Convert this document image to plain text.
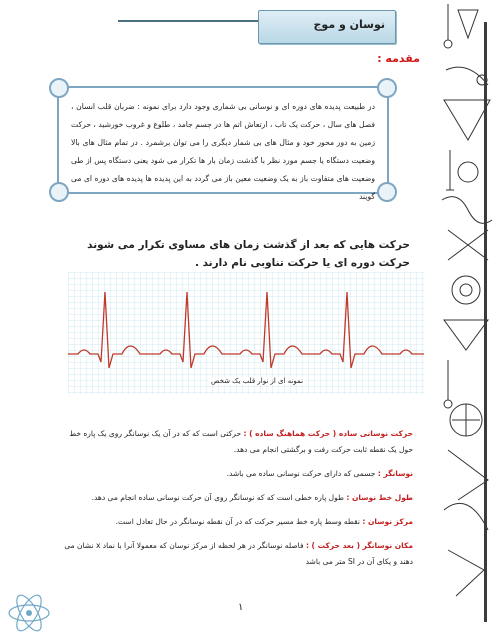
نوسان و موج
مقدمه :
در طبیعت پدیده های دوره ای و نوسانی بی شماری وجود دارد برای نمونه : ضربان قلب انسان ، فصل های سال ، حرکت یک تاب ، ارتعاش اتم ها در جسم جامد ، طلوع و غروب خورشید ، حرکت زمین به دور محور خود و مثال های بی شمار دیگری را می توان برشمرد . در تمام مثال های بالا وضعیت دستگاه یا جسم مورد نظر با گذشت زمان بار ها تکرار می شود یعنی دستگاه پس از طی وضعیت های متفاوت باز به یک وضعیت معین باز می گردد به این پدیده ها پدیده های دوره ای می گویند
حرکت هایی که بعد از گذشت زمان های مساوی تکرار می شوند حرکت دوره ای یا حرکت تناوبی نام دارند .
نمونه ای از نوار قلب یک شخص
حرکت نوسانی ساده ( حرکت هماهنگ ساده ) : حرکتی است که که در آن یک نوسانگر روی یک پاره خط حول یک نقطه ثابت حرکت رفت و برگشتی انجام می دهد.
نوسانگر : جسمی که دارای حرکت نوسانی ساده می باشد.
طول خط نوسان : طول پاره خطی است که که نوسانگر روی آن حرکت نوسانی ساده انجام می دهد.
مرکز نوسان : نقطه وسط پاره خط مسیر حرکت که در آن نقطه نوسانگر در حال تعادل است.
مکان نوسانگر ( بعد حرکت ) : فاصله نوسانگر در هر لحظه از مرکز نوسان که معمولا آنرا با نماد x نشان می دهند و یکای آن در SI متر می باشد
۱
